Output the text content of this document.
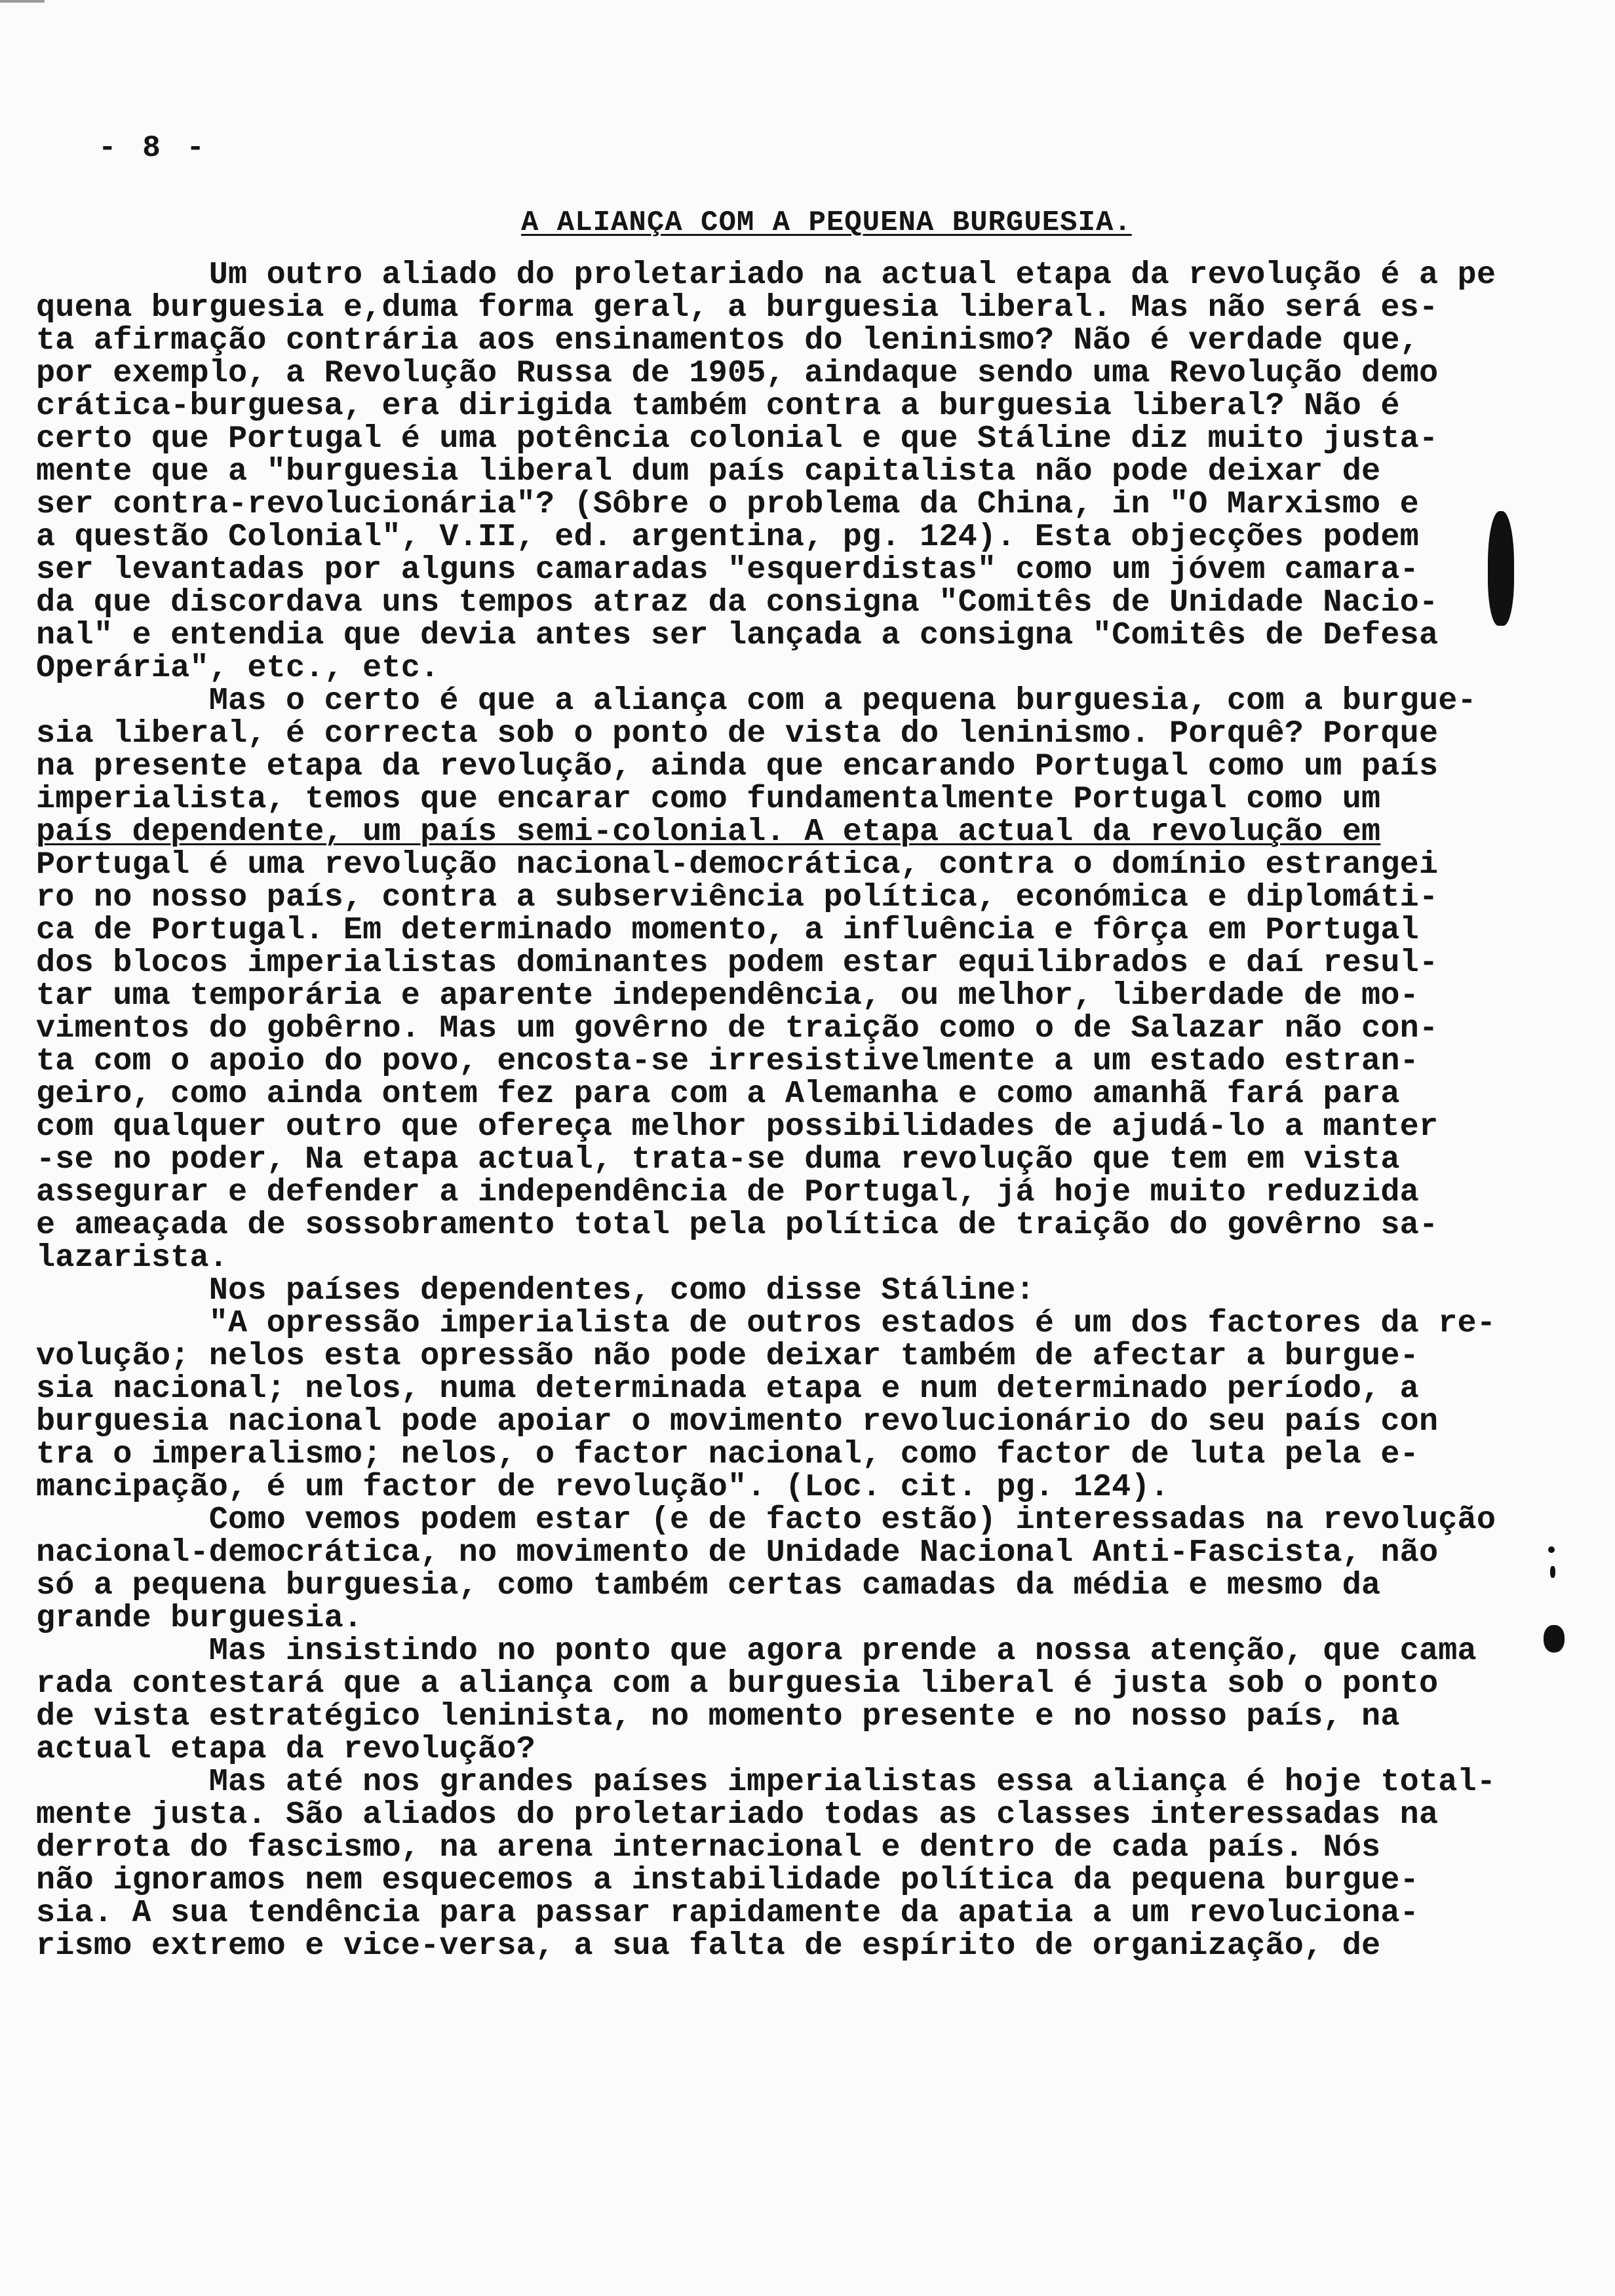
- 8 -
A ALIANÇA COM A PEQUENA BURGUESIA.
Um outro aliado do proletariado na actual etapa da revolução é a pe
quena burguesia e,duma forma geral, a burguesia liberal. Mas não será es-
ta afirmação contrária aos ensinamentos do leninismo? Não é verdade que,
por exemplo, a Revolução Russa de 1905, aindaque sendo uma Revolução demo
crática-burguesa, era dirigida também contra a burguesia liberal? Não é
certo que Portugal é uma potência colonial e que Stáline diz muito justa-
mente que a "burguesia liberal dum país capitalista não pode deixar de
ser contra-revolucionária"? (Sôbre o problema da China, in "O Marxismo e
a questão Colonial", V.II, ed. argentina, pg. 124). Esta objecções podem
ser levantadas por alguns camaradas "esquerdistas" como um jóvem camara-
da que discordava uns tempos atraz da consigna "Comitês de Unidade Nacio-
nal" e entendia que devia antes ser lançada a consigna "Comitês de Defesa
Operária", etc., etc.
Mas o certo é que a aliança com a pequena burguesia, com a burgue-
sia liberal, é correcta sob o ponto de vista do leninismo. Porquê? Porque
na presente etapa da revolução, ainda que encarando Portugal como um país
imperialista, temos que encarar como fundamentalmente Portugal como um
país dependente, um país semi-colonial. A etapa actual da revolução em
Portugal é uma revolução nacional-democrática, contra o domínio estrangei
ro no nosso país, contra a subserviência política, económica e diplomáti-
ca de Portugal. Em determinado momento, a influência e fôrça em Portugal
dos blocos imperialistas dominantes podem estar equilibrados e daí resul-
tar uma temporária e aparente independência, ou melhor, liberdade de mo-
vimentos do gobêrno. Mas um govêrno de traição como o de Salazar não con-
ta com o apoio do povo, encosta-se irresistivelmente a um estado estran-
geiro, como ainda ontem fez para com a Alemanha e como amanhã fará para
com qualquer outro que ofereça melhor possibilidades de ajudá-lo a manter
-se no poder, Na etapa actual, trata-se duma revolução que tem em vista
assegurar e defender a independência de Portugal, já hoje muito reduzida
e ameaçada de sossobramento total pela política de traição do govêrno sa-
lazarista.
Nos países dependentes, como disse Stáline:
"A opressão imperialista de outros estados é um dos factores da re-
volução; nelos esta opressão não pode deixar também de afectar a burgue-
sia nacional; nelos, numa determinada etapa e num determinado período, a
burguesia nacional pode apoiar o movimento revolucionário do seu país con
tra o imperalismo; nelos, o factor nacional, como factor de luta pela e-
mancipação, é um factor de revolução". (Loc. cit. pg. 124).
Como vemos podem estar (e de facto estão) interessadas na revolução
nacional-democrática, no movimento de Unidade Nacional Anti-Fascista, não
só a pequena burguesia, como também certas camadas da média e mesmo da
grande burguesia.
Mas insistindo no ponto que agora prende a nossa atenção, que cama
rada contestará que a aliança com a burguesia liberal é justa sob o ponto
de vista estratégico leninista, no momento presente e no nosso país, na
actual etapa da revolução?
Mas até nos grandes países imperialistas essa aliança é hoje total-
mente justa. São aliados do proletariado todas as classes interessadas na
derrota do fascismo, na arena internacional e dentro de cada país. Nós
não ignoramos nem esquecemos a instabilidade política da pequena burgue-
sia. A sua tendência para passar rapidamente da apatia a um revoluciona-
rismo extremo e vice-versa, a sua falta de espírito de organização, de
